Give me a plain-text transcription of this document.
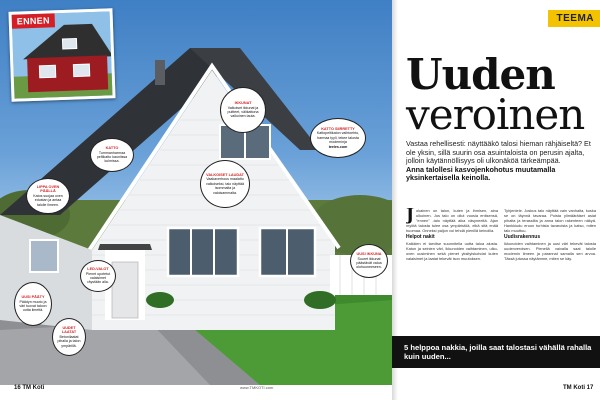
ENNEN
IKKUNAT
Valkoiset ikkunat ja puitteet, välikattona valkoinen lauta.
KATTO SIIRRETTY
Kattopeltikaton vaihtoehto, harmaa tyyli, tekee talosta moderninja
teeles.com
KATTO
Tummanharmaa peltikatto kauniissa kulmissa.
VALKOISET LAUDAT
Vaakaverhous maalattu valkoiseksi, talo näyttää isommalta ja valoisammalta.
LIPPA OVEN PÄÄLLÄ
Katos suojaa oven edustan ja antaa talolle ilmeen.
LED-VALOT
Pienet upotetut valaisimet räystään alla.
UUSI IKKUNA
Suuret ikkunat päästävät valoa olohuoneeseen.
UUSI PÄÄTY
Päädyn muoto ja väri tuovat taloon uutta ilmettä.
UUDET LAATAT
Betonilaatat pihalla ja talon ympärillä.
16 TM Koti	www.TMKOTI.com
TEEMA
Uuden
veroinen
Vastaa rehellisesti: näyttääkö talosi hieman rähjäiseltä? Et ole yksin, sillä suurin osa asuintaloista on perusin ajalta, jolloin käytännöllisyys oli ulkonäköä tärkeämpää.
Anna talollesi kasvojenkohotus muutamalla yksinkertaisella keinolla.
J okainen on talon, kuten ja ihmisen, aina ulkoinen. Jos talo on ollut vuosia entisensä, "ennen" -talo näyttää aika väsyneeltä. Ajan myötä talosta tulee osa ympäristöä, eikä sitä enää huomaa. Onneksi paljon voi tehdä pienillä keinoilla.
Helpot nakit
Kaikkien ei tarvitse suunnitella uutta taloa alusta. Katon ja seinien väri, ikkunoiden vaihtaminen, ulko-oven uusiminen sekä pienet yksityiskohdat kuten valaisimet ja laatat tekevät ison muutoksen.
Tyhjentele. Joskus talo näyttää vain vanhalta, koska se on täynnä tavaraa. Poista ylimääräiset asiat pihalta ja terassilta ja anna talon rakenteen näkyä. Hankkiudu eroon turhista tavaroista ja katso, miten talo muuttuu.
Uudisrakennus
Ikkunoiden vaihtaminen ja uusi väri tekevät talosta uudenveroisen. Pienellä vaivalla saat talolle modernin ilmeen ja parannat samalla sen arvoa. Tässä jutussa näytämme, miten se käy.
TM Koti 17
5 helppoa nakkia, joilla saat talostasi vähällä rahalla kuin uuden...
